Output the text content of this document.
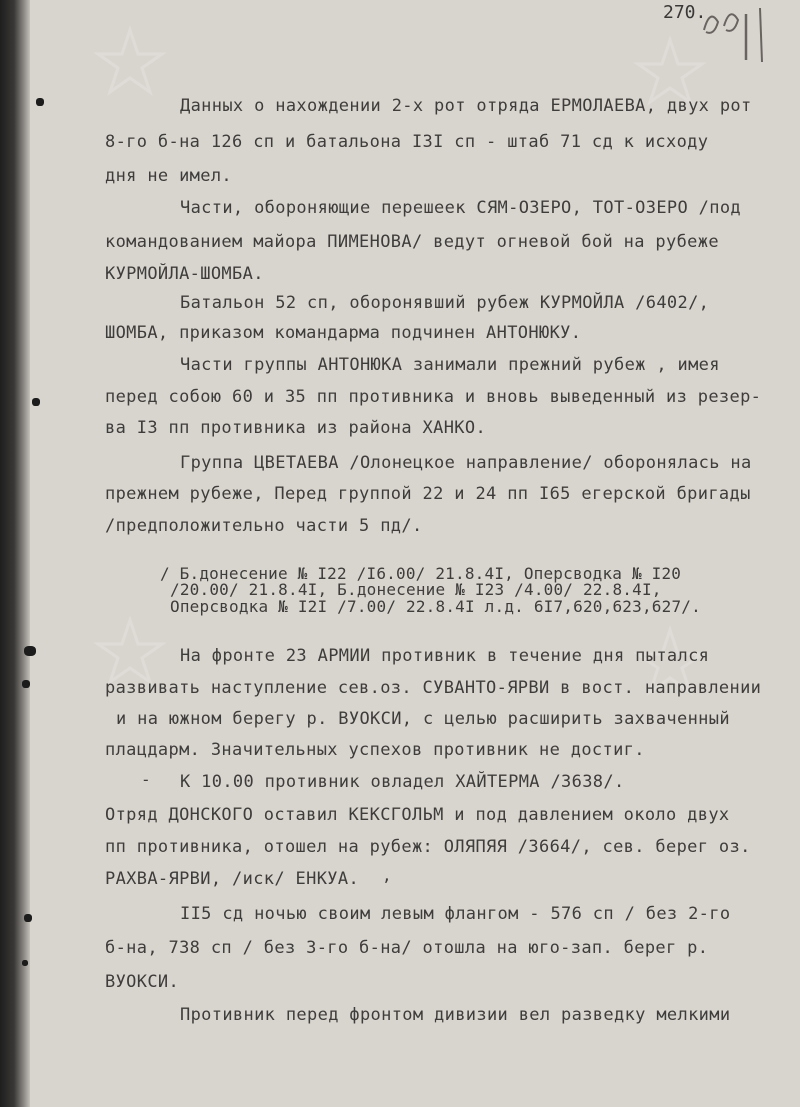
270.
Данных о нахождении 2-х рот отряда ЕРМОЛАЕВА, двух рот
8-го б-на 126 сп и батальона I3I сп - штаб 71 сд к исходу
дня не имел.
Части, обороняющие перешеек СЯМ-ОЗЕРО, ТОТ-ОЗЕРО /под
командованием майора ПИМЕНОВА/ ведут огневой бой на рубеже
КУРМОЙЛА-ШОМБА.
Батальон 52 сп, оборонявший рубеж КУРМОЙЛА /6402/,
ШОМБА, приказом командарма подчинен АНТОНЮКУ.
Части группы АНТОНЮКА занимали прежний рубеж , имея
перед собою 60 и 35 пп противника и вновь выведенный из резер-
ва I3 пп противника из района ХАНКО.
Группа ЦВЕТАЕВА /Олонецкое направление/ оборонялась на
прежнем рубеже, Перед группой 22 и 24 пп I65 егерской бригады
/предположительно части 5 пд/.
/ Б.донесение № I22 /I6.00/ 21.8.4I, Оперсводка № I20
/20.00/ 21.8.4I, Б.донесение № I23 /4.00/ 22.8.4I,
Оперсводка № I2I /7.00/ 22.8.4I л.д. 6I7,620,623,627/.
На фронте 23 АРМИИ противник в течение дня пытался
развивать наступление сев.оз. СУВАНТО-ЯРВИ в вост. направлении
и на южном берегу р. ВУОКСИ, с целью расширить захваченный
плацдарм. Значительных успехов противник не достиг.
- К 10.00 противник овладел ХАЙТЕРМА /3638/.
Отряд ДОНСКОГО оставил КЕКСГОЛЬМ и под давлением около двух
пп противника, отошел на рубеж: ОЛЯПЯЯ /3664/, сев. берег оз.
РАХВА-ЯРВИ, /иск/ ЕНКУА. ,
II5 сд ночью своим левым флангом - 576 сп / без 2-го
б-на, 738 сп / без 3-го б-на/ отошла на юго-зап. берег р.
ВУОКСИ.
Противник перед фронтом дивизии вел разведку мелкими
